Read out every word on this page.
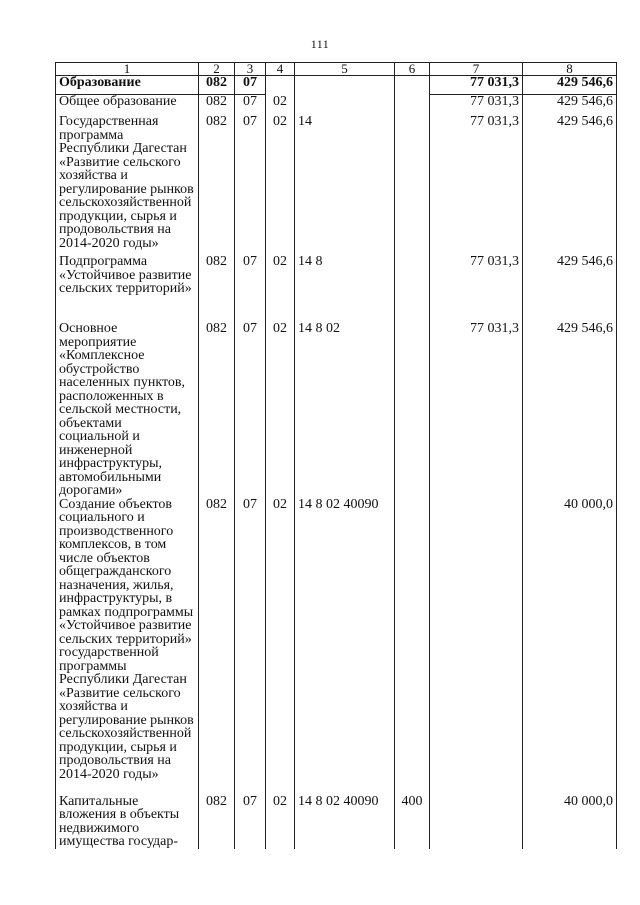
111
1	2	3	4	5	6	7	8
Образование	082	07				77 031,3	429 546,6
Общее образование	082	07	02			77 031,3	429 546,6
Государственная программа Республики Дагестан «Развитие сельского хозяйства и регулирование рынков сельскохозяйственной продукции, сырья и продовольствия на 2014-2020 годы»	082	07	02	14		77 031,3	429 546,6
Подпрограмма «Устойчивое развитие сельских территорий»	082	07	02	14 8		77 031,3	429 546,6
Основное мероприятие «Комплексное обустройство населенных пунктов, расположенных в сельской местности, объектами социальной и инженерной инфраструктуры, автомобильными дорогами»	082	07	02	14 8 02		77 031,3	429 546,6
Создание объектов социального и производственного комплексов, в том числе объектов общегражданского назначения, жилья, инфраструктуры, в рамках подпрограммы «Устойчивое развитие сельских территорий» государственной программы Республики Дагестан «Развитие сельского хозяйства и регулирование рынков сельскохозяйственной продукции, сырья и продовольствия на 2014-2020 годы»	082	07	02	14 8 02 40090			40 000,0
Капитальные вложения в объекты недвижимого имущества государ-	082	07	02	14 8 02 40090	400		40 000,0
